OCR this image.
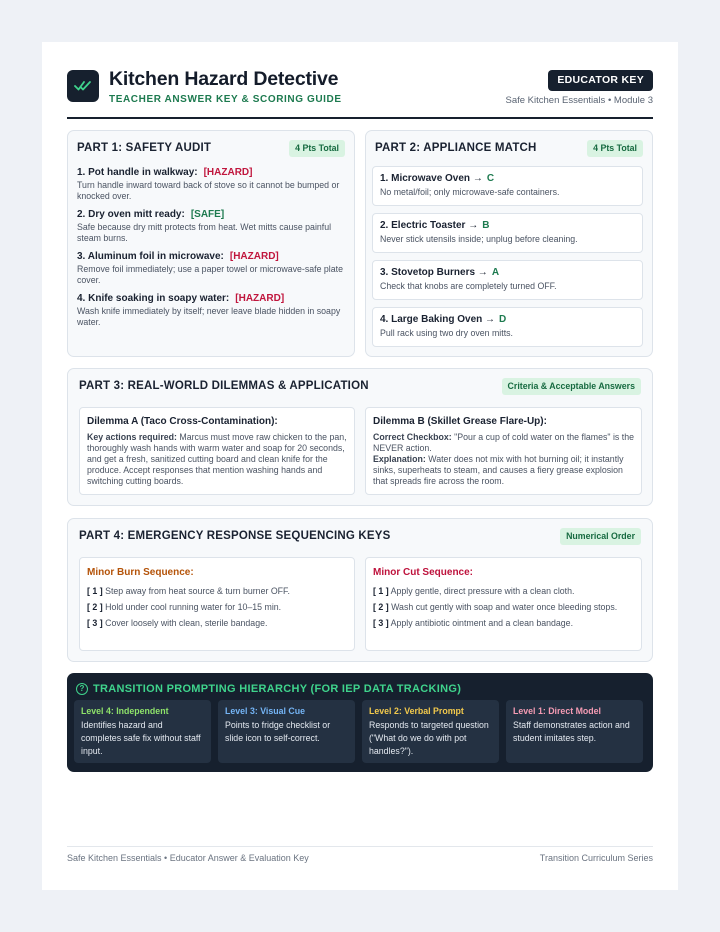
Kitchen Hazard Detective
TEACHER ANSWER KEY & SCORING GUIDE
EDUCATOR KEY
Safe Kitchen Essentials • Module 3
PART 1: SAFETY AUDIT	4 Pts Total
1. Pot handle in walkway: [HAZARD]
Turn handle inward toward back of stove so it cannot be bumped or knocked over.
2. Dry oven mitt ready: [SAFE]
Safe because dry mitt protects from heat. Wet mitts cause painful steam burns.
3. Aluminum foil in microwave: [HAZARD]
Remove foil immediately; use a paper towel or microwave-safe plate cover.
4. Knife soaking in soapy water: [HAZARD]
Wash knife immediately by itself; never leave blade hidden in soapy water.
PART 2: APPLIANCE MATCH	4 Pts Total
1. Microwave Oven → C
No metal/foil; only microwave-safe containers.
2. Electric Toaster → B
Never stick utensils inside; unplug before cleaning.
3. Stovetop Burners → A
Check that knobs are completely turned OFF.
4. Large Baking Oven → D
Pull rack using two dry oven mitts.
PART 3: REAL-WORLD DILEMMAS & APPLICATION	Criteria & Acceptable Answers
Dilemma A (Taco Cross-Contamination):
Key actions required: Marcus must move raw chicken to the pan, thoroughly wash hands with warm water and soap for 20 seconds, and get a fresh, sanitized cutting board and clean knife for the produce. Accept responses that mention washing hands and switching cutting boards.
Dilemma B (Skillet Grease Flare-Up):
Correct Checkbox: "Pour a cup of cold water on the flames" is the NEVER action.
Explanation: Water does not mix with hot burning oil; it instantly sinks, superheats to steam, and causes a fiery grease explosion that spreads fire across the room.
PART 4: EMERGENCY RESPONSE SEQUENCING KEYS	Numerical Order
Minor Burn Sequence:
[ 1 ] Step away from heat source & turn burner OFF.
[ 2 ] Hold under cool running water for 10–15 min.
[ 3 ] Cover loosely with clean, sterile bandage.
Minor Cut Sequence:
[ 1 ] Apply gentle, direct pressure with a clean cloth.
[ 2 ] Wash cut gently with soap and water once bleeding stops.
[ 3 ] Apply antibiotic ointment and a clean bandage.
? TRANSITION PROMPTING HIERARCHY (FOR IEP DATA TRACKING)
Level 4: Independent
Identifies hazard and completes safe fix without staff input.
Level 3: Visual Cue
Points to fridge checklist or slide icon to self-correct.
Level 2: Verbal Prompt
Responds to targeted question ("What do we do with pot handles?").
Level 1: Direct Model
Staff demonstrates action and student imitates step.
Safe Kitchen Essentials • Educator Answer & Evaluation Key	Transition Curriculum Series
